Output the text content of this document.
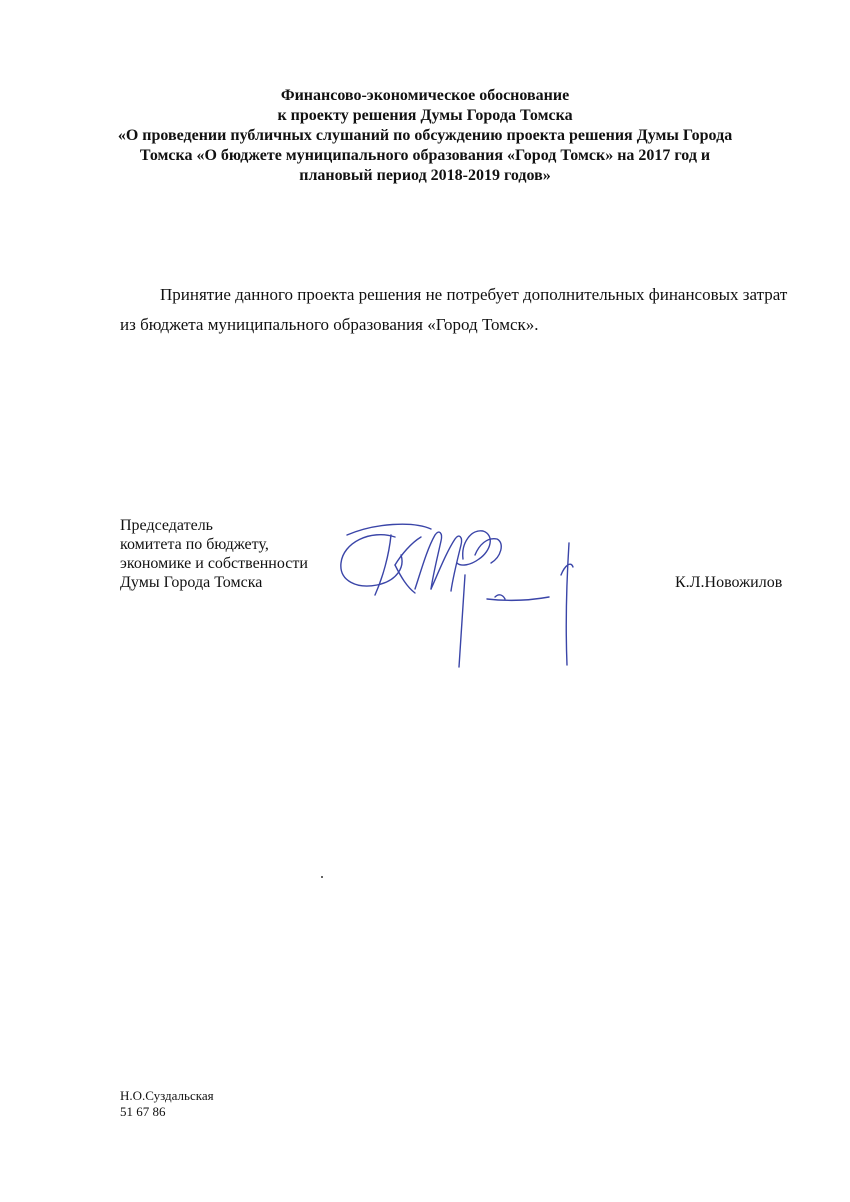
Финансово-экономическое обоснование
к проекту решения Думы Города Томска
«О проведении публичных слушаний по обсуждению проекта решения Думы Города
Томска «О бюджете муниципального образования «Город Томск» на 2017 год и
плановый период 2018-2019 годов»
Принятие данного проекта решения не потребует дополнительных финансовых затрат
из бюджета муниципального образования «Город Томск».
Председатель
комитета по бюджету,
экономике и собственности
Думы Города Томска	К.Л.Новожилов
Н.О.Суздальская
51 67 86
